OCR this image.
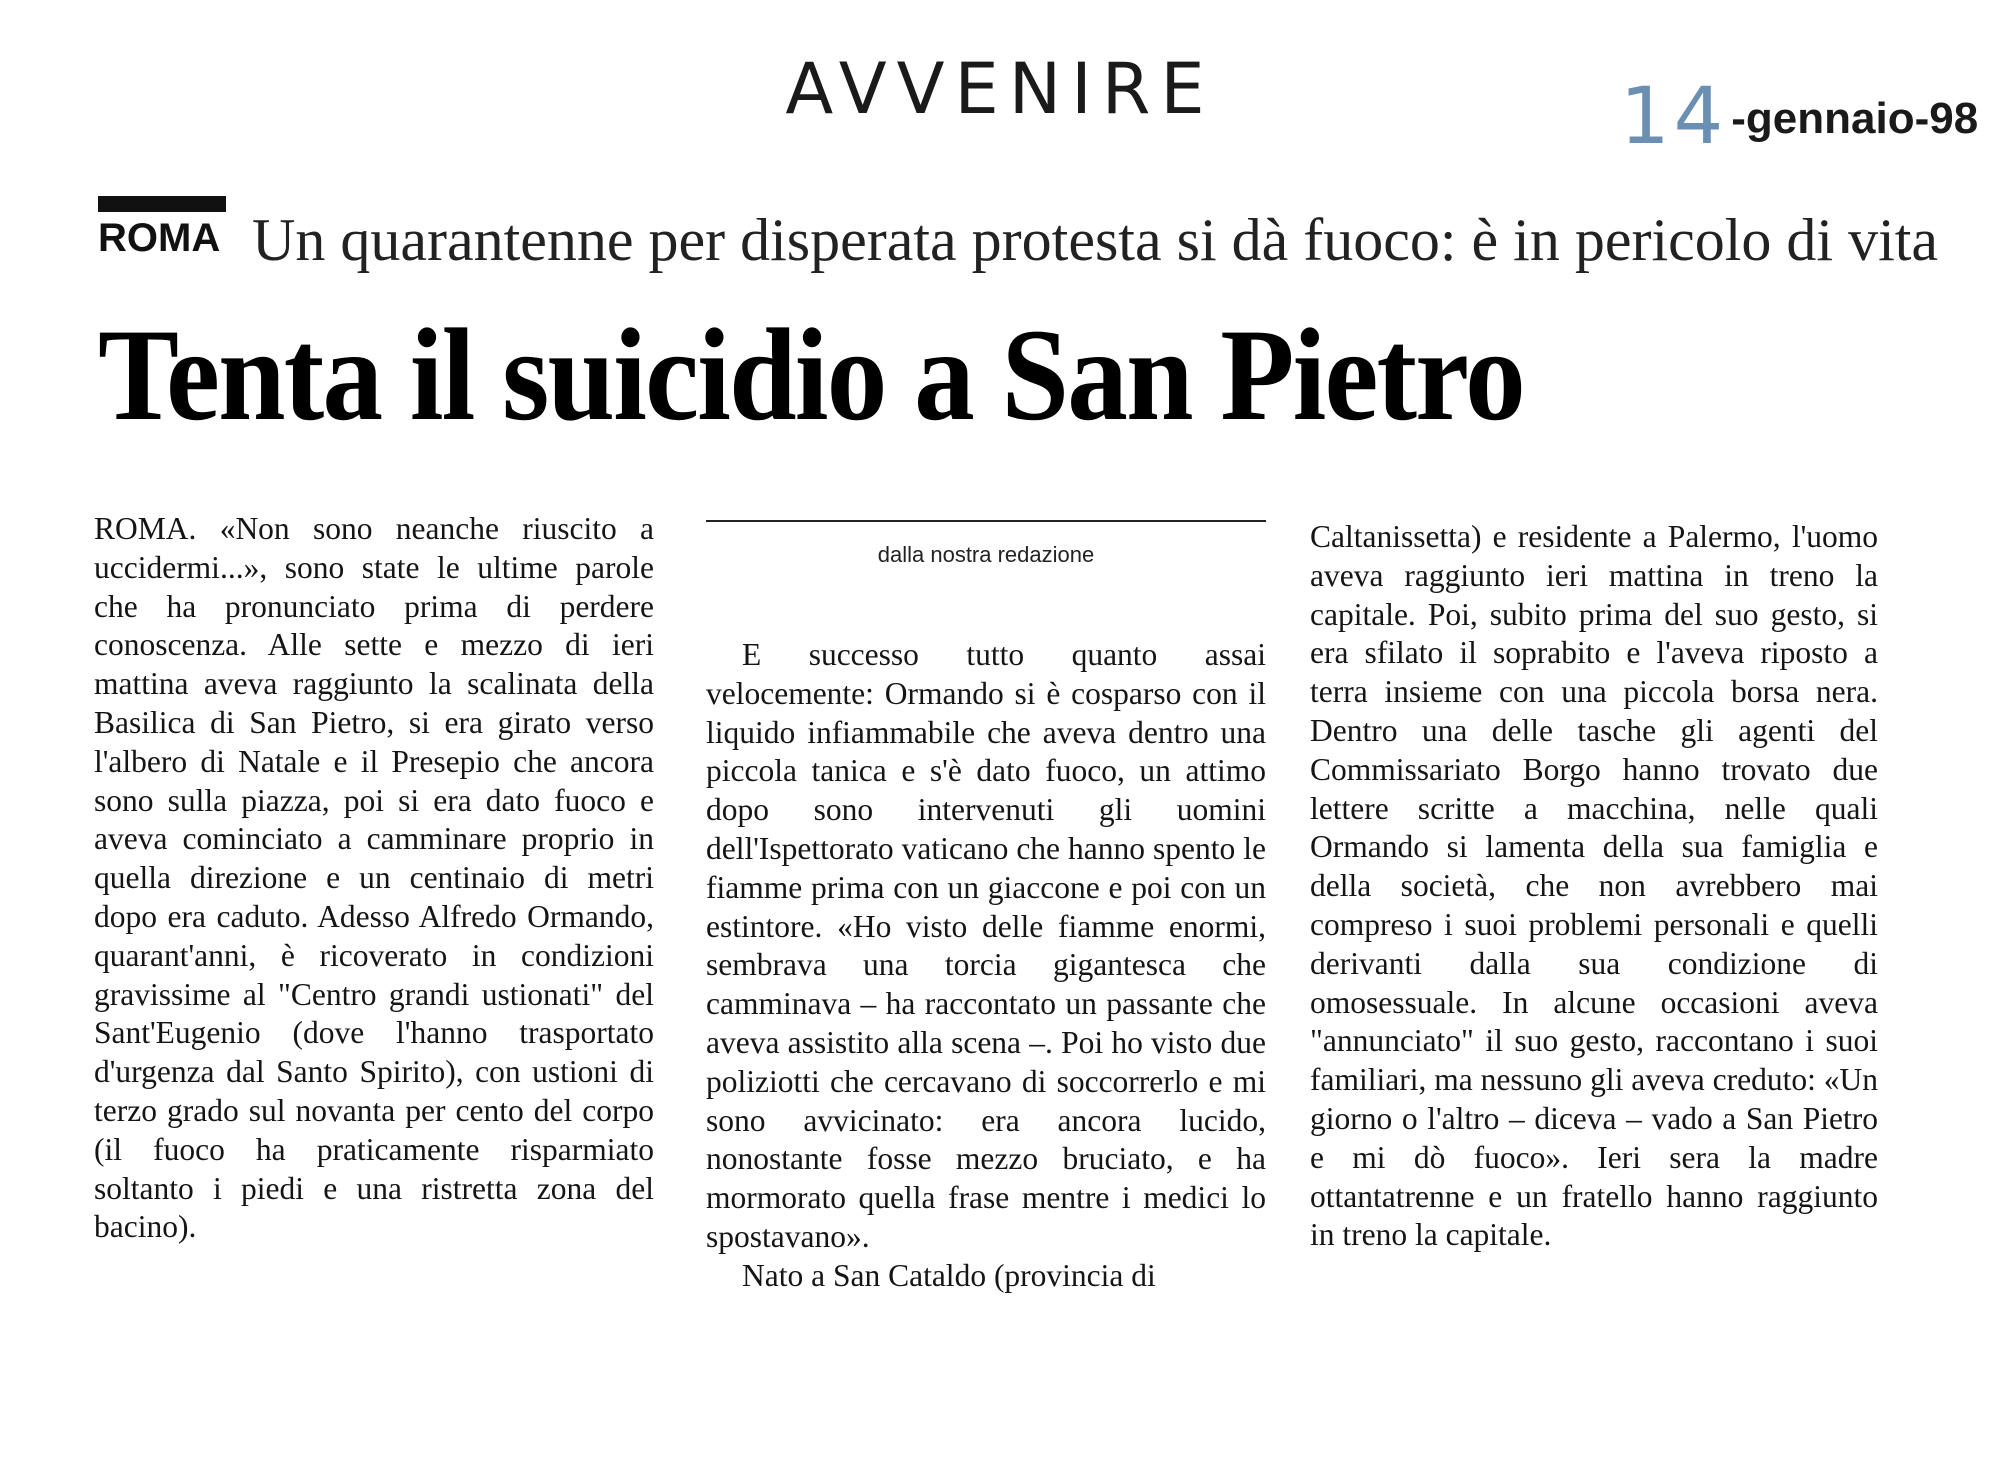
AVVENIRE	14-gennaio-98
ROMA Un quarantenne per disperata protesta si dà fuoco: è in pericolo di vita
Tenta il suicidio a San Pietro

ROMA. «Non sono neanche riuscito a uccidermi...», sono state le ultime parole che ha pronunciato prima di perdere conoscenza. Alle sette e mezzo di ieri mattina aveva raggiunto la scalinata della Basilica di San Pietro, si era girato verso l'albero di Natale e il Presepio che ancora sono sulla piazza, poi si era dato fuoco e aveva cominciato a camminare proprio in quella direzione e un centinaio di metri dopo era caduto. Adesso Alfredo Ormando, quarant'anni, è ricoverato in condizioni gravissime al "Centro grandi ustionati" del Sant'Eugenio (dove l'hanno trasportato d'urgenza dal Santo Spirito), con ustioni di terzo grado sul novanta per cento del corpo (il fuoco ha praticamente risparmiato soltanto i piedi e una ristretta zona del bacino).

dalla nostra redazione

E successo tutto quanto assai velocemente: Ormando si è cosparso con il liquido infiammabile che aveva dentro una piccola tanica e s'è dato fuoco, un attimo dopo sono intervenuti gli uomini dell'Ispettorato vaticano che hanno spento le fiamme prima con un giaccone e poi con un estintore. «Ho visto delle fiamme enormi, sembrava una torcia gigantesca che camminava – ha raccontato un passante che aveva assistito alla scena –. Poi ho visto due poliziotti che cercavano di soccorrerlo e mi sono avvicinato: era ancora lucido, nonostante fosse mezzo bruciato, e ha mormorato quella frase mentre i medici lo spostavano».

Nato a San Cataldo (provincia di

Caltanissetta) e residente a Palermo, l'uomo aveva raggiunto ieri mattina in treno la capitale. Poi, subito prima del suo gesto, si era sfilato il soprabito e l'aveva riposto a terra insieme con una piccola borsa nera. Dentro una delle tasche gli agenti del Commissariato Borgo hanno trovato due lettere scritte a macchina, nelle quali Ormando si lamenta della sua famiglia e della società, che non avrebbero mai compreso i suoi problemi personali e quelli derivanti dalla sua condizione di omosessuale. In alcune occasioni aveva "annunciato" il suo gesto, raccontano i suoi familiari, ma nessuno gli aveva creduto: «Un giorno o l'altro – diceva – vado a San Pietro e mi dò fuoco». Ieri sera la madre ottantatrenne e un fratello hanno raggiunto in treno la capitale.
